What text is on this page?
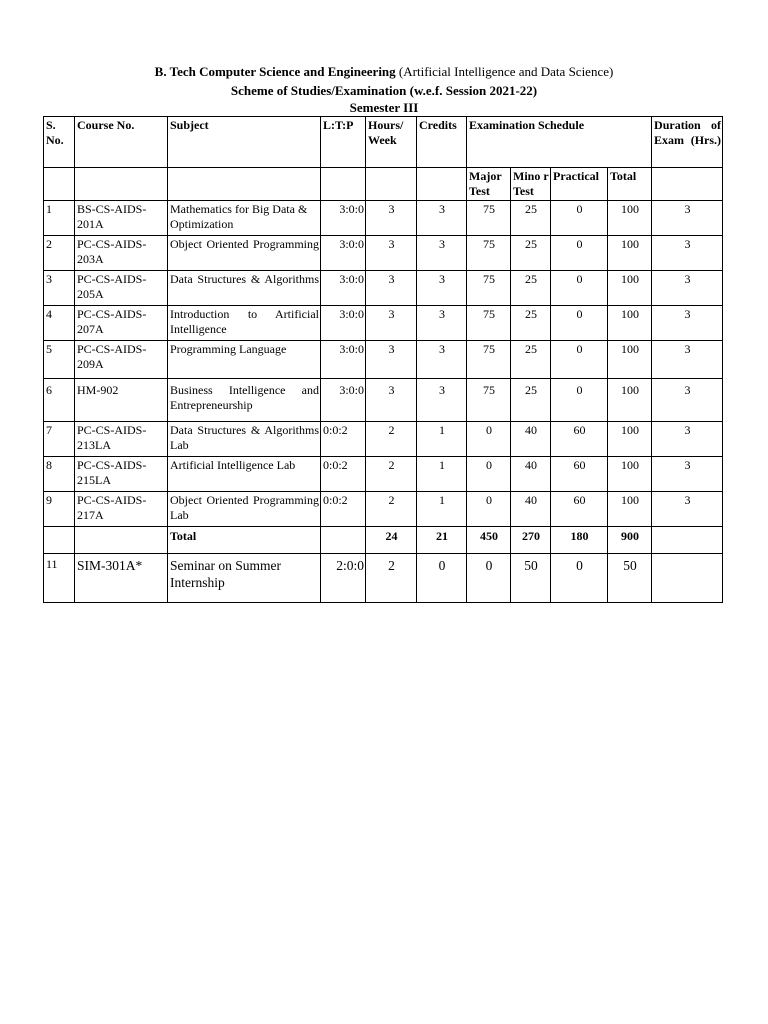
B. Tech Computer Science and Engineering (Artificial Intelligence and Data Science)
Scheme of Studies/Examination (w.e.f. Session 2021-22)
Semester III
S. No.	Course No.	Subject	L:T:P	Hours/ Week	Credits	Examination Schedule				Duration of Exam (Hrs.)
						Major Test	Mino r Test	Practical	Total	
1	BS-CS-AIDS-201A	Mathematics for Big Data & Optimization	3:0:0	3	3	75	25	0	100	3
2	PC-CS-AIDS-203A	Object Oriented Programming	3:0:0	3	3	75	25	0	100	3
3	PC-CS-AIDS-205A	Data Structures & Algorithms	3:0:0	3	3	75	25	0	100	3
4	PC-CS-AIDS-207A	Introduction to Artificial Intelligence	3:0:0	3	3	75	25	0	100	3
5	PC-CS-AIDS-209A	Programming Language	3:0:0	3	3	75	25	0	100	3
6	HM-902	Business Intelligence and Entrepreneurship	3:0:0	3	3	75	25	0	100	3
7	PC-CS-AIDS-213LA	Data Structures & Algorithms Lab	0:0:2	2	1	0	40	60	100	3
8	PC-CS-AIDS-215LA	Artificial Intelligence Lab	0:0:2	2	1	0	40	60	100	3
9	PC-CS-AIDS-217A	Object Oriented Programming Lab	0:0:2	2	1	0	40	60	100	3
		Total		24	21	450	270	180	900	
11	SIM-301A*	Seminar on Summer Internship	2:0:0	2	0	0	50	0	50	
